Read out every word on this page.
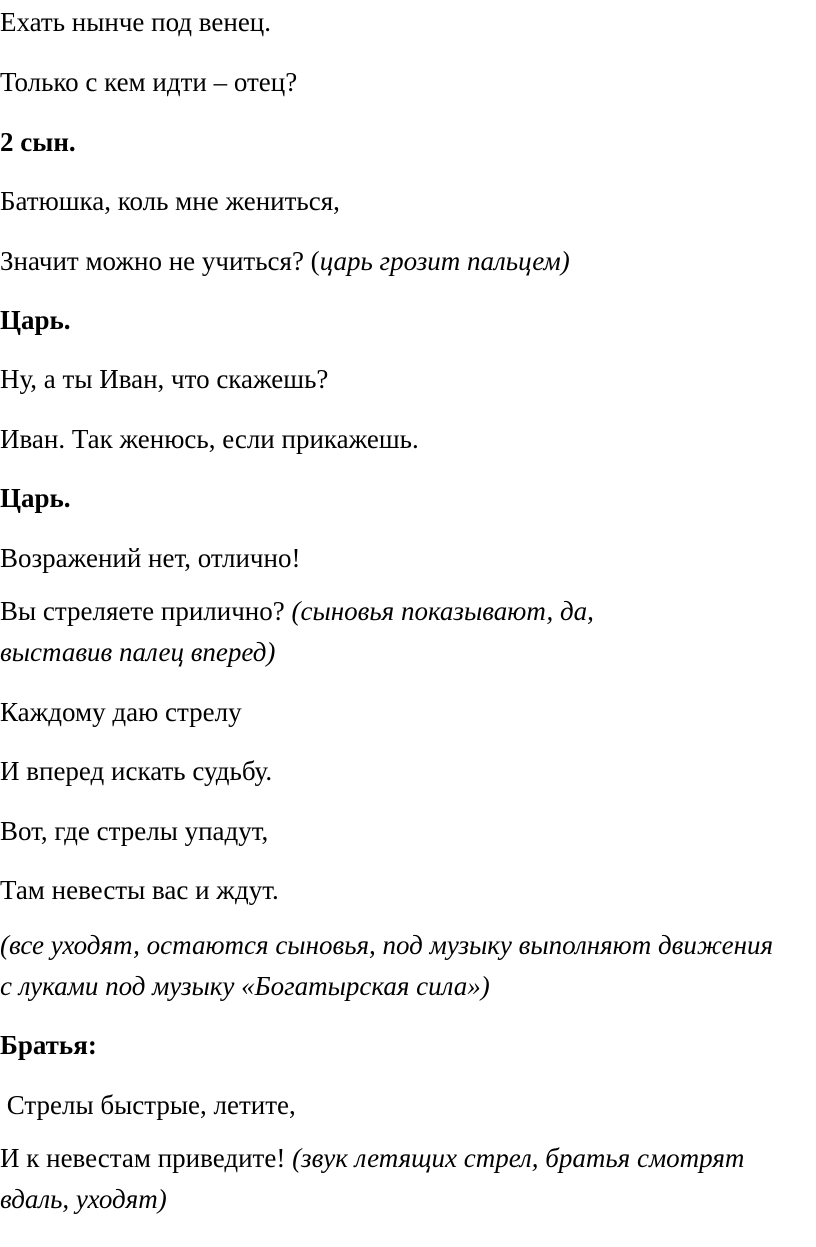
Ехать нынче под венец.

Только с кем идти – отец?

2 сын.

Батюшка, коль мне жениться,

Значит можно не учиться? (царь грозит пальцем)

Царь.

Ну, а ты Иван, что скажешь?

Иван. Так женюсь, если прикажешь.

Царь.

Возражений нет, отлично!

Вы стреляете прилично? (сыновья показывают, да, выставив палец вперед)

Каждому даю стрелу

И вперед искать судьбу.

Вот, где стрелы упадут,

Там невесты вас и ждут.

(все уходят, остаются сыновья, под музыку выполняют движения с луками под музыку «Богатырская сила»)

Братья:

Стрелы быстрые, летите,

И к невестам приведите! (звук летящих стрел, братья смотрят вдаль, уходят)
